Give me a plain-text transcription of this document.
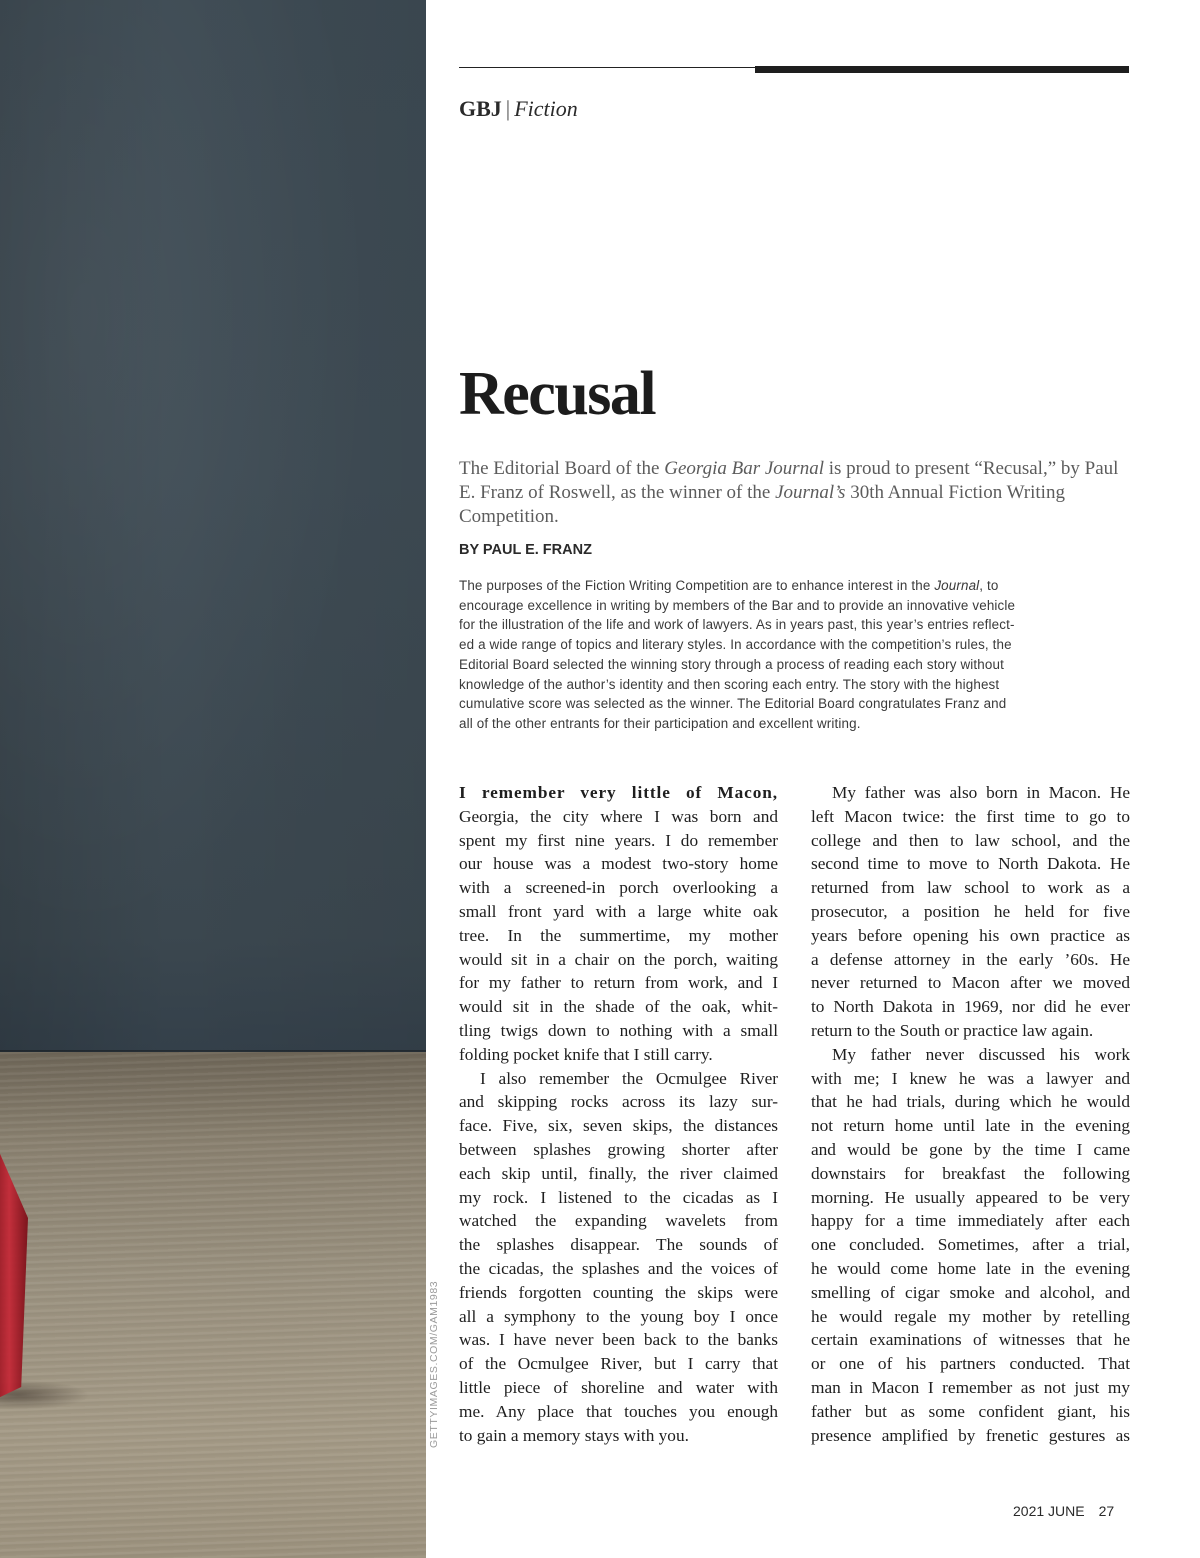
GETTYIMAGES.COM/GAM1983
GBJ | Fiction
Recusal

The Editorial Board of the Georgia Bar Journal is proud to present “Recusal,” by Paul E. Franz of Roswell, as the winner of the Journal’s 30th Annual Fiction Writing Competition.

BY PAUL E. FRANZ
The purposes of the Fiction Writing Competition are to enhance interest in the Journal, to
encourage excellence in writing by members of the Bar and to provide an innovative vehicle
for the illustration of the life and work of lawyers. As in years past, this year’s entries reflect-
ed a wide range of topics and literary styles. In accordance with the competition’s rules, the
Editorial Board selected the winning story through a process of reading each story without
knowledge of the author’s identity and then scoring each entry. The story with the highest
cumulative score was selected as the winner. The Editorial Board congratulates Franz and
all of the other entrants for their participation and excellent writing.
I remember very little of Macon,
Georgia, the city where I was born and
spent my first nine years. I do remember
our house was a modest two-story home
with a screened-in porch overlooking a
small front yard with a large white oak
tree. In the summertime, my mother
would sit in a chair on the porch, waiting
for my father to return from work, and I
would sit in the shade of the oak, whit-
tling twigs down to nothing with a small
folding pocket knife that I still carry.
I also remember the Ocmulgee River
and skipping rocks across its lazy sur-
face. Five, six, seven skips, the distances
between splashes growing shorter after
each skip until, finally, the river claimed
my rock. I listened to the cicadas as I
watched the expanding wavelets from
the splashes disappear. The sounds of
the cicadas, the splashes and the voices of
friends forgotten counting the skips were
all a symphony to the young boy I once
was. I have never been back to the banks
of the Ocmulgee River, but I carry that
little piece of shoreline and water with
me. Any place that touches you enough
to gain a memory stays with you.
My father was also born in Macon. He
left Macon twice: the first time to go to
college and then to law school, and the
second time to move to North Dakota. He
returned from law school to work as a
prosecutor, a position he held for five
years before opening his own practice as
a defense attorney in the early ’60s. He
never returned to Macon after we moved
to North Dakota in 1969, nor did he ever
return to the South or practice law again.
My father never discussed his work
with me; I knew he was a lawyer and
that he had trials, during which he would
not return home until late in the evening
and would be gone by the time I came
downstairs for breakfast the following
morning. He usually appeared to be very
happy for a time immediately after each
one concluded. Sometimes, after a trial,
he would come home late in the evening
smelling of cigar smoke and alcohol, and
he would regale my mother by retelling
certain examinations of witnesses that he
or one of his partners conducted. That
man in Macon I remember as not just my
father but as some confident giant, his
presence amplified by frenetic gestures as
2021 JUNE 27
